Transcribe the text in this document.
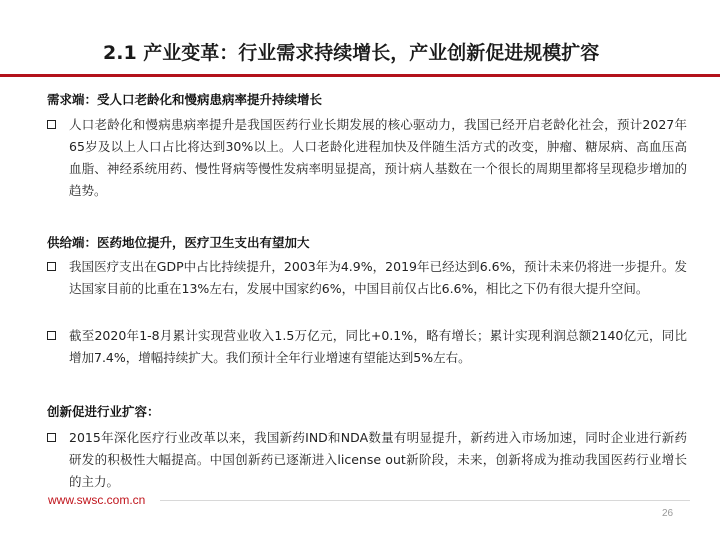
2.1 产业变革：行业需求持续增长，产业创新促进规模扩容
需求端：受人口老龄化和慢病患病率提升持续增长
人口老龄化和慢病患病率提升是我国医药行业长期发展的核心驱动力，我国已经开启老龄化社会，预计2027年65岁及以上人口占比将达到30%以上。人口老龄化进程加快及伴随生活方式的改变，肿瘤、糖尿病、高血压高血脂、神经系统用药、慢性肾病等慢性发病率明显提高，预计病人基数在一个很长的周期里都将呈现稳步增加的趋势。
供给端：医药地位提升，医疗卫生支出有望加大
我国医疗支出在GDP中占比持续提升，2003年为4.9%，2019年已经达到6.6%，预计未来仍将进一步提升。发达国家目前的比重在13%左右，发展中国家约6%，中国目前仅占比6.6%，相比之下仍有很大提升空间。
截至2020年1-8月累计实现营业收入1.5万亿元，同比+0.1%，略有增长；累计实现利润总额2140亿元，同比增加7.4%，增幅持续扩大。我们预计全年行业增速有望能达到5%左右。
创新促进行业扩容：
2015年深化医疗行业改革以来，我国新药IND和NDA数量有明显提升，新药进入市场加速，同时企业进行新药研发的积极性大幅提高。中国创新药已逐渐进入license out新阶段，未来，创新将成为推动我国医药行业增长的主力。
www.swsc.com.cn
26
